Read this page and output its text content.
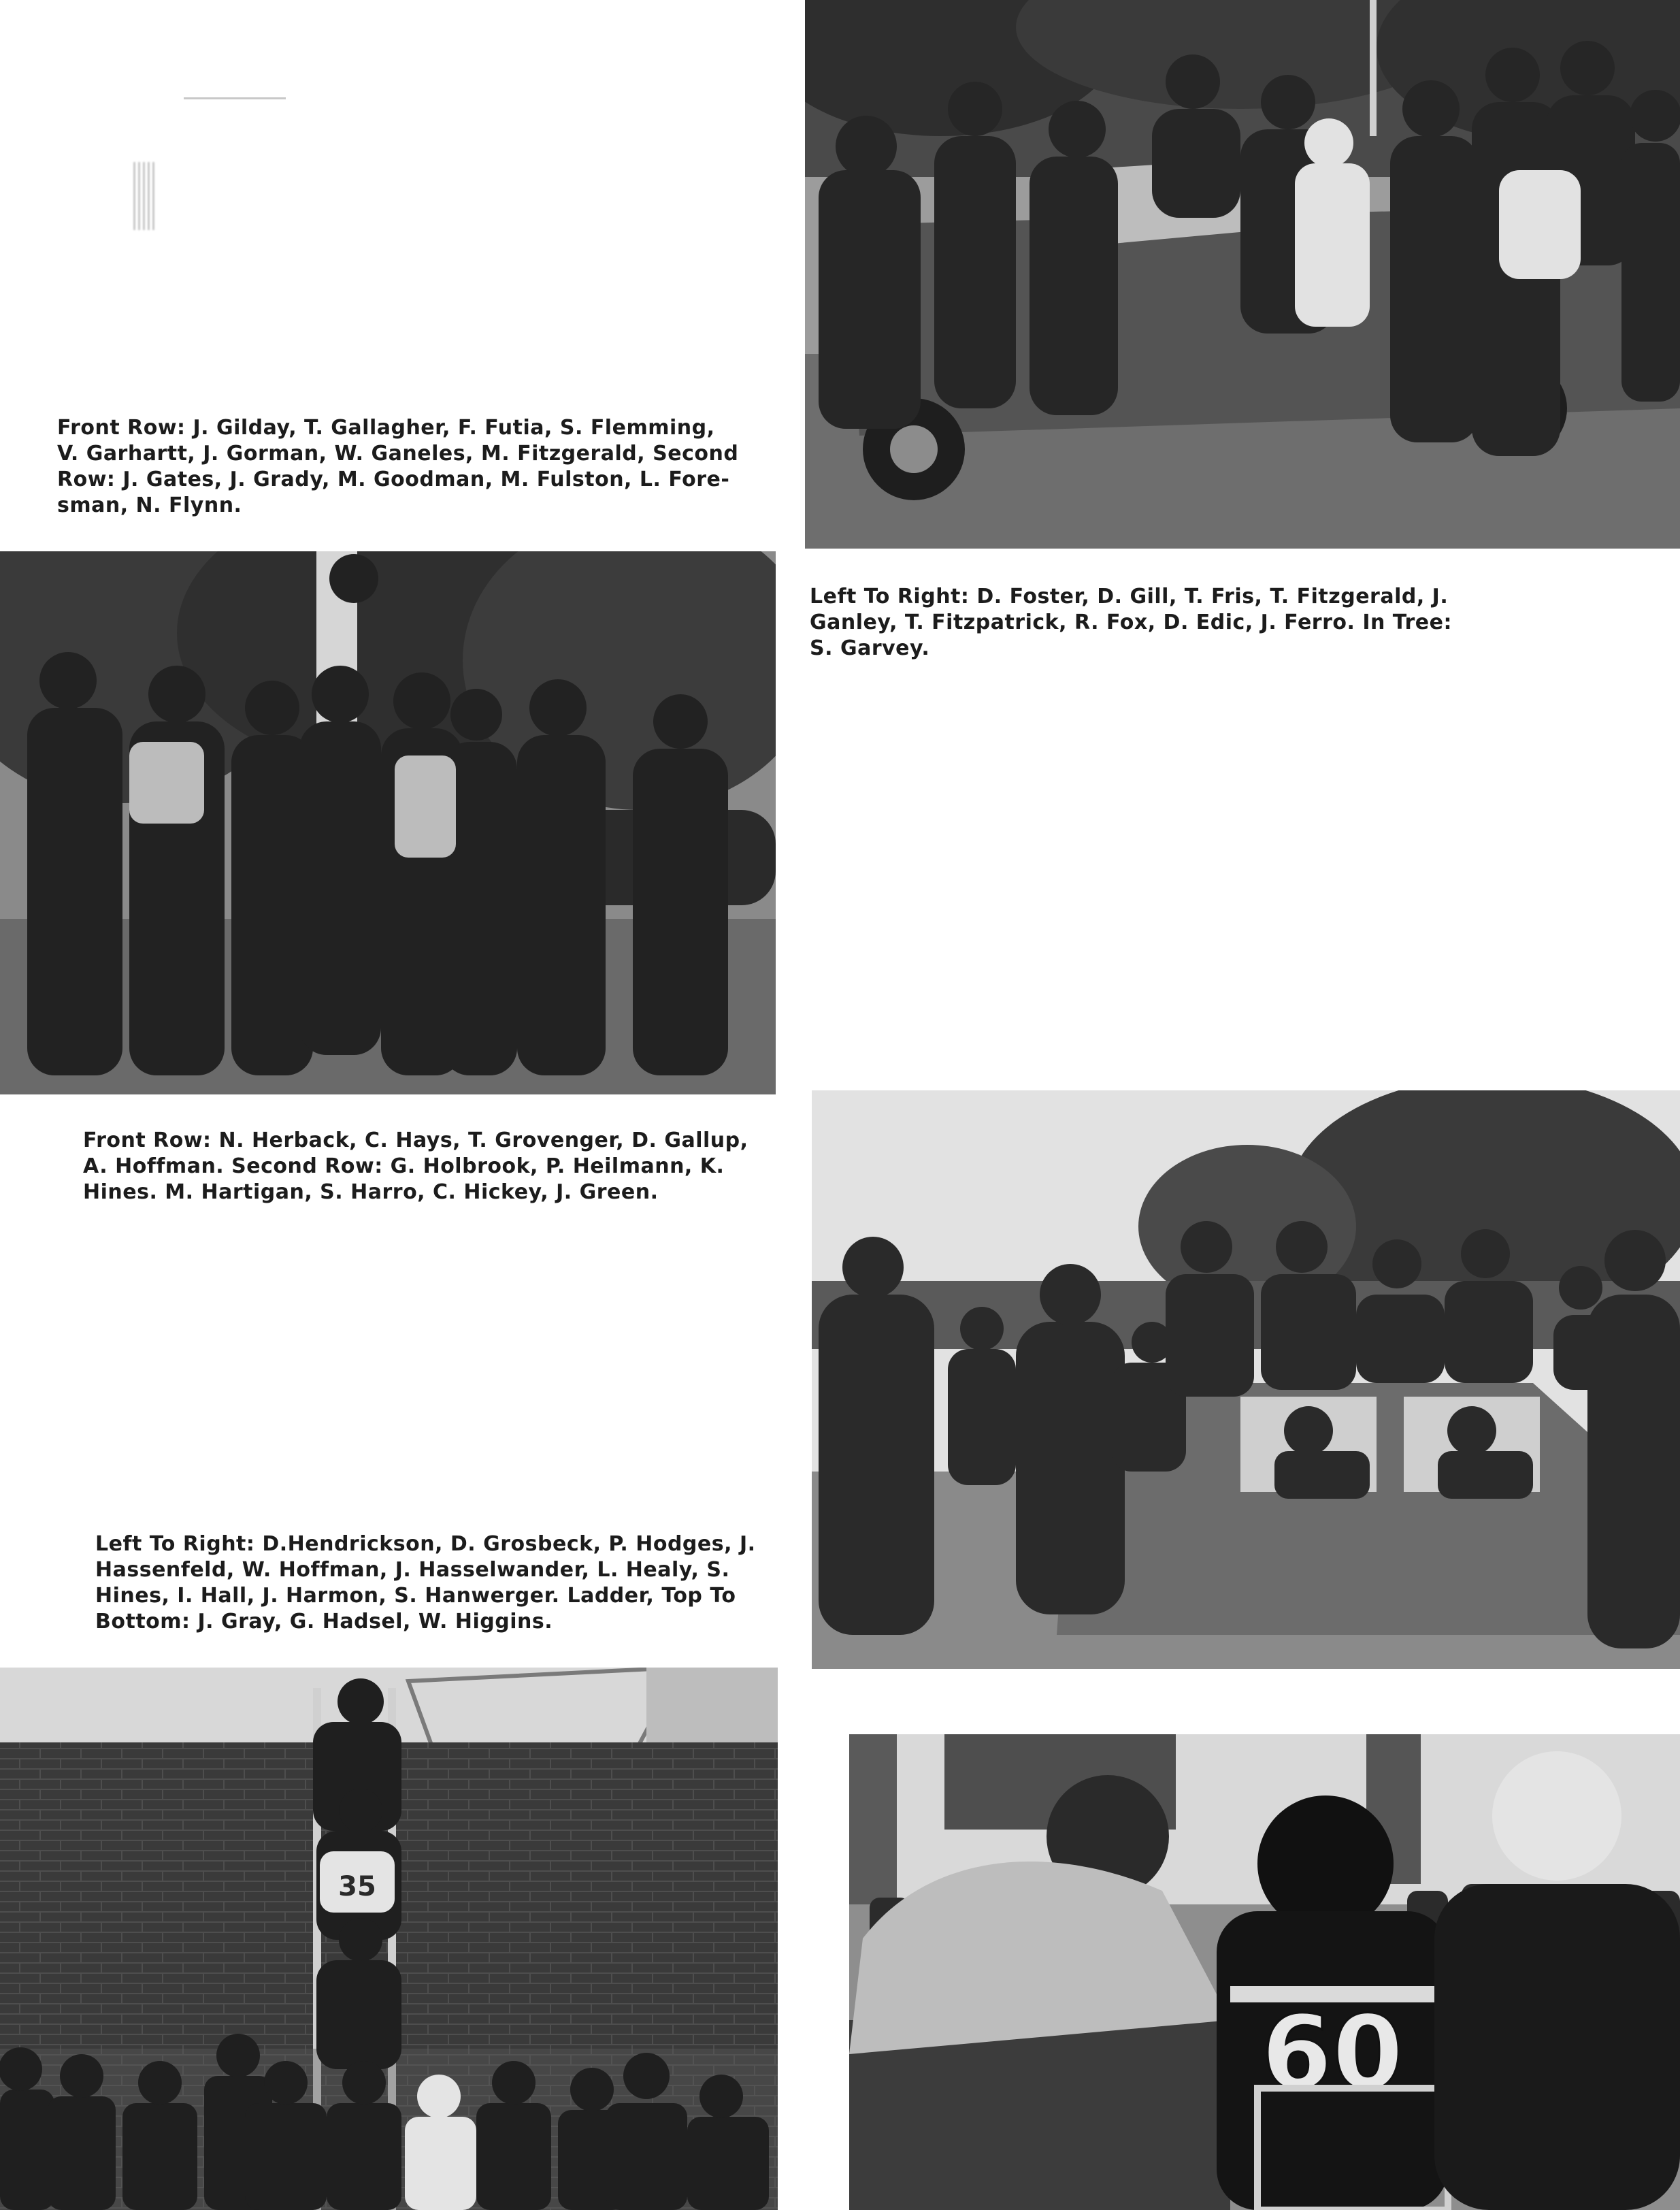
Front Row: J. Gilday, T. Gallagher, F. Futia, S. Flemming,
V. Garhartt, J. Gorman, W. Ganeles, M. Fitzgerald, Second
Row: J. Gates, J. Grady, M. Goodman, M. Fulston, L. Fore-
sman, N. Flynn.

Left To Right: D. Foster, D. Gill, T. Fris, T. Fitzgerald, J.
Ganley, T. Fitzpatrick, R. Fox, D. Edic, J. Ferro. In Tree:
S. Garvey.

Front Row: N. Herback, C. Hays, T. Grovenger, D. Gallup,
A. Hoffman. Second Row: G. Holbrook, P. Heilmann, K.
Hines. M. Hartigan, S. Harro, C. Hickey, J. Green.

Left To Right: D.Hendrickson, D. Grosbeck, P. Hodges, J.
Hassenfeld, W. Hoffman, J. Hasselwander, L. Healy, S.
Hines, I. Hall, J. Harmon, S. Hanwerger. Ladder, Top To
Bottom: J. Gray, G. Hadsel, W. Higgins.

35
60
